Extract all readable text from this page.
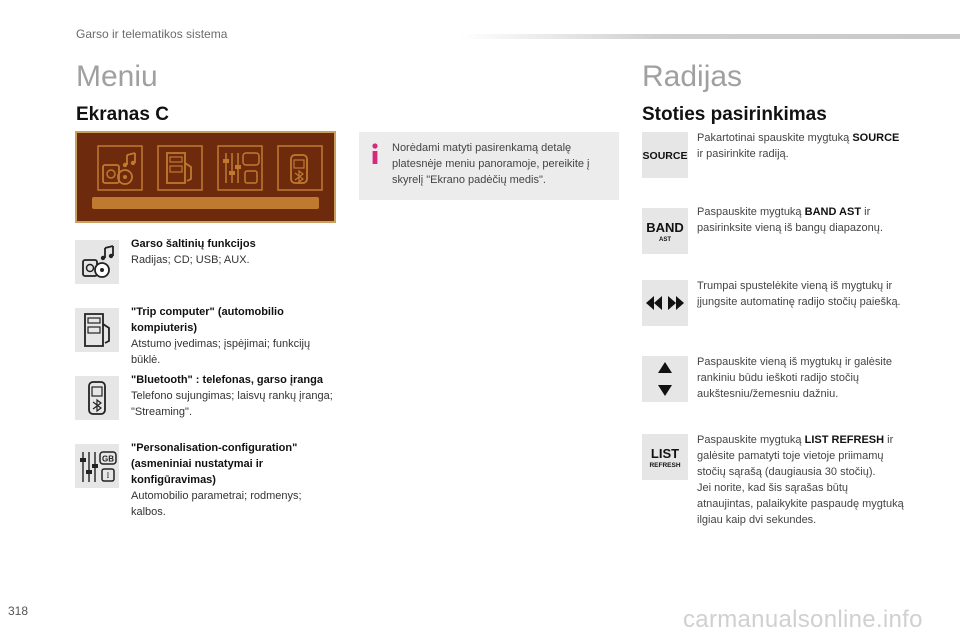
Garso ir telematikos sistema
Meniu
Ekranas C
Norėdami matyti pasirenkamą detalę platesnėje meniu panoramoje, pereikite į skyrelį "Ekrano padėčių medis".
Garso šaltinių funkcijos
Radijas; CD; USB; AUX.
"Trip computer" (automobilio kompiuteris)
Atstumo įvedimas; įspėjimai; funkcijų būklė.
"Bluetooth" : telefonas, garso įranga
Telefono sujungimas; laisvų rankų įranga; "Streaming".
GB
I
"Personalisation-configuration" (asmeniniai nustatymai ir konfigūravimas)
Automobilio parametrai; rodmenys; kalbos.
Radijas
Stoties pasirinkimas
SOURCE
Pakartotinai spauskite mygtuką SOURCE ir pasirinkite radiją.
BAND
AST
Paspauskite mygtuką BAND AST ir pasirinksite vieną iš bangų diapazonų.
Trumpai spustelėkite vieną iš mygtukų ir įjungsite automatinę radijo stočių paiešką.
Paspauskite vieną iš mygtukų ir galėsite rankiniu būdu ieškoti radijo stočių aukštesniu/žemesniu dažniu.
LIST
REFRESH
Paspauskite mygtuką LIST REFRESH ir galėsite pamatyti toje vietoje priimamų stočių sąrašą (daugiausia 30 stočių).
Jei norite, kad šis sąrašas būtų atnaujintas, palaikykite paspaudę mygtuką ilgiau kaip dvi sekundes.
318	carmanualsonline.info
